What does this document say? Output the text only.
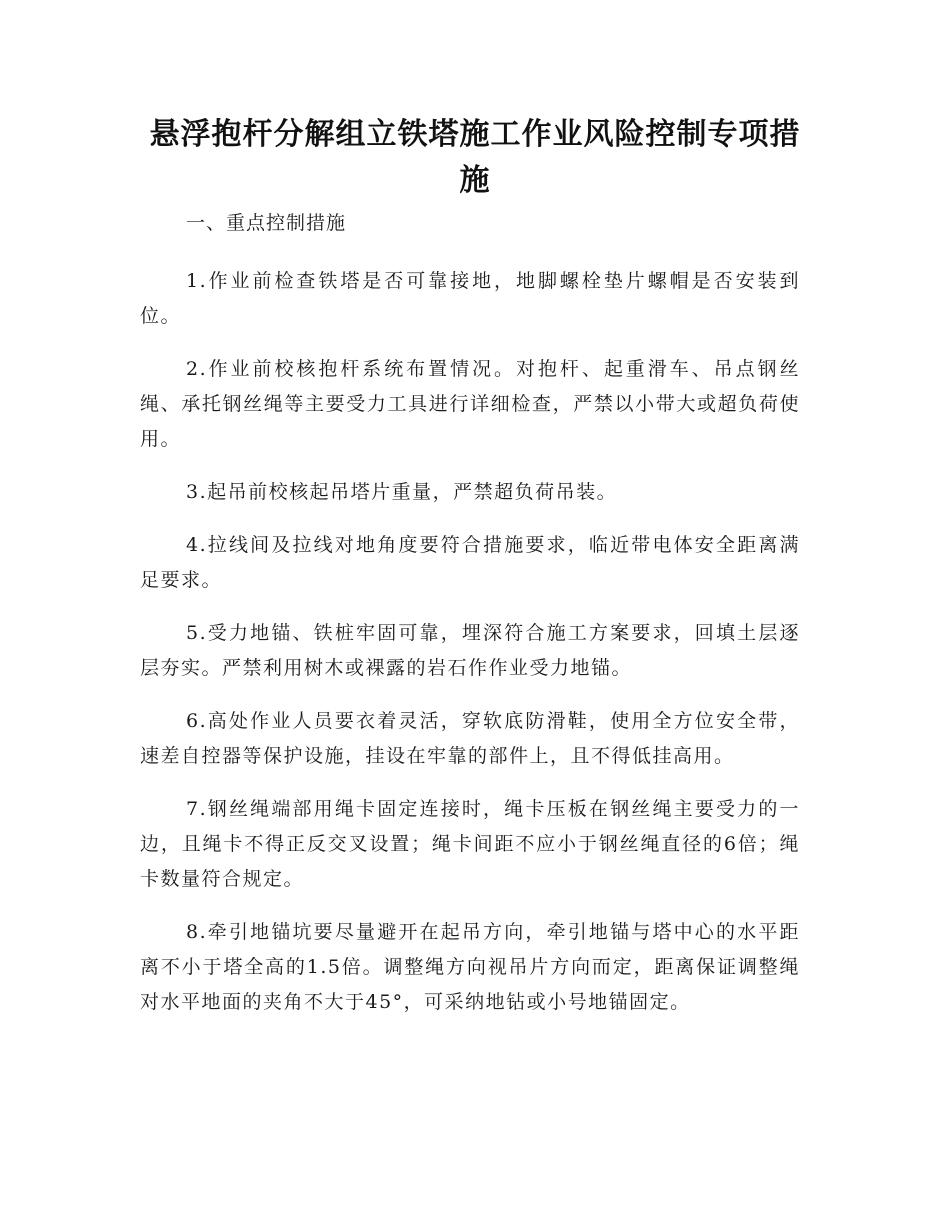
悬浮抱杆分解组立铁塔施工作业风险控制专项措施

一、重点控制措施

1.作业前检查铁塔是否可靠接地，地脚螺栓垫片螺帽是否安装到位。

2.作业前校核抱杆系统布置情况。对抱杆、起重滑车、吊点钢丝绳、承托钢丝绳等主要受力工具进行详细检查，严禁以小带大或超负荷使用。

3.起吊前校核起吊塔片重量，严禁超负荷吊装。

4.拉线间及拉线对地角度要符合措施要求，临近带电体安全距离满足要求。

5.受力地锚、铁桩牢固可靠，埋深符合施工方案要求，回填土层逐层夯实。严禁利用树木或裸露的岩石作作业受力地锚。

6.高处作业人员要衣着灵活，穿软底防滑鞋，使用全方位安全带，速差自控器等保护设施，挂设在牢靠的部件上，且不得低挂高用。

7.钢丝绳端部用绳卡固定连接时，绳卡压板在钢丝绳主要受力的一边，且绳卡不得正反交叉设置；绳卡间距不应小于钢丝绳直径的6倍；绳卡数量符合规定。

8.牵引地锚坑要尽量避开在起吊方向，牵引地锚与塔中心的水平距离不小于塔全高的1.5倍。调整绳方向视吊片方向而定，距离保证调整绳对水平地面的夹角不大于45°，可采纳地钻或小号地锚固定。
